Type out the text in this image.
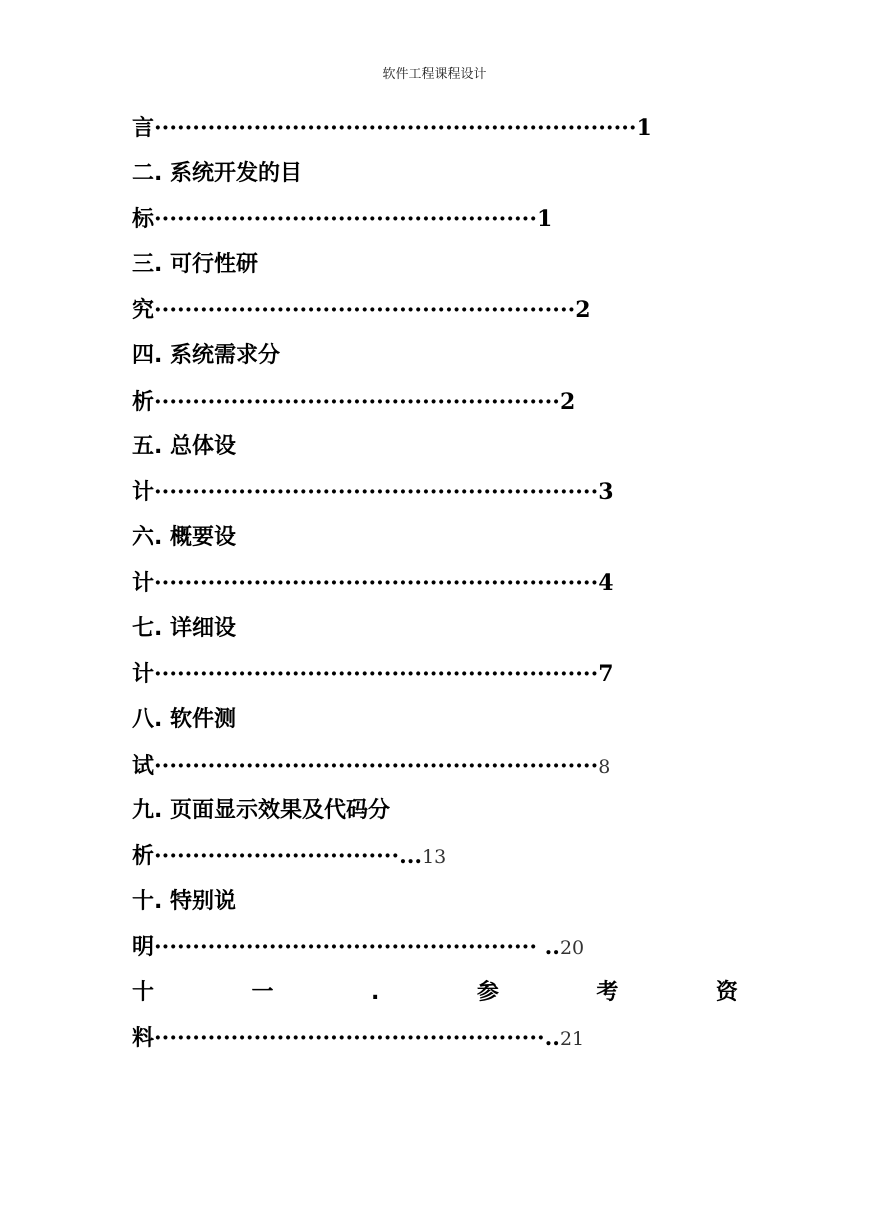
软件工程课程设计
言·······························································1
二. 系统开发的目
标··················································1
三. 可行性研
究·······················································2
四. 系统需求分
析·····················································2
五. 总体设
计··························································3
六. 概要设
计··························································4
七. 详细设
计··························································7
八. 软件测
试··························································8
九. 页面显示效果及代码分
析································...13
十. 特别说
明·················································· ..20
十	一	.	参	考	资
料···················································..21
